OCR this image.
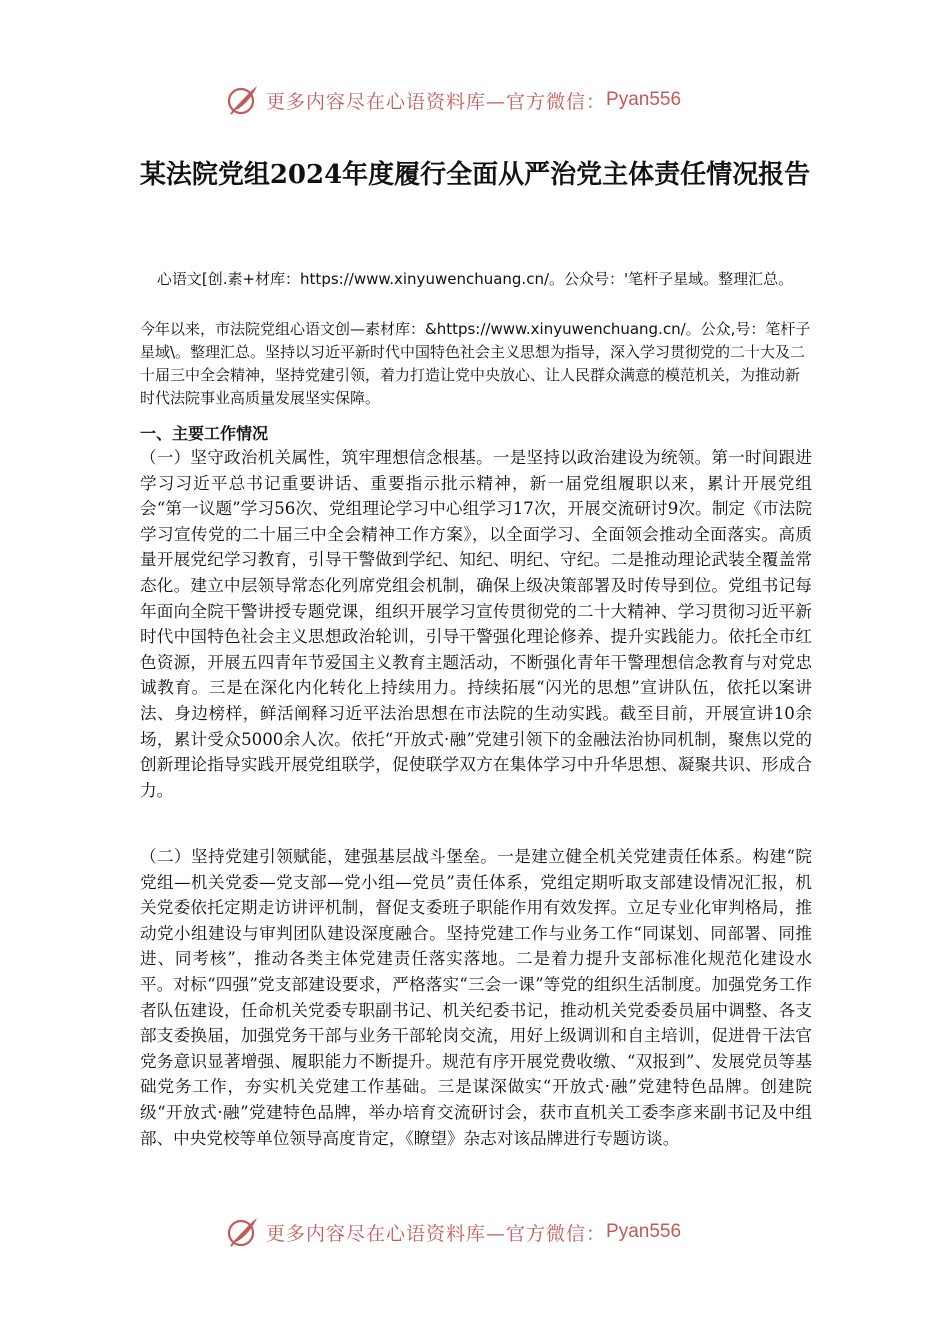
更多内容尽在心语资料库—官方微信： Pyan556
某法院党组2024年度履行全面从严治党主体责任情况报告
心语文[创.素+材库：https://www.xinyuwenchuang.cn/。公众号：'笔杆子星域。整理汇总。
今年以来，市法院党组心语文创—素材库：&https://www.xinyuwenchuang.cn/。公众,号：笔杆子星域\。整理汇总。坚持以习近平新时代中国特色社会主义思想为指导，深入学习贯彻党的二十大及二十届三中全会精神，坚持党建引领，着力打造让党中央放心、让人民群众满意的模范机关，为推动新时代法院事业高质量发展坚实保障。
一、主要工作情况
（一）坚守政治机关属性，筑牢理想信念根基。一是坚持以政治建设为统领。第一时间跟进学习习近平总书记重要讲话、重要指示批示精神，新一届党组履职以来，累计开展党组会“第一议题”学习56次、党组理论学习中心组学习17次，开展交流研讨9次。制定《市法院学习宣传党的二十届三中全会精神工作方案》，以全面学习、全面领会推动全面落实。高质量开展党纪学习教育，引导干警做到学纪、知纪、明纪、守纪。二是推动理论武装全覆盖常态化。建立中层领导常态化列席党组会机制，确保上级决策部署及时传导到位。党组书记每年面向全院干警讲授专题党课，组织开展学习宣传贯彻党的二十大精神、学习贯彻习近平新时代中国特色社会主义思想政治轮训，引导干警强化理论修养、提升实践能力。依托全市红色资源，开展五四青年节爱国主义教育主题活动，不断强化青年干警理想信念教育与对党忠诚教育。三是在深化内化转化上持续用力。持续拓展“闪光的思想”宣讲队伍，依托以案讲法、身边榜样，鲜活阐释习近平法治思想在市法院的生动实践。截至目前，开展宣讲10余场，累计受众5000余人次。依托“开放式·融”党建引领下的金融法治协同机制，聚焦以党的创新理论指导实践开展党组联学，促使联学双方在集体学习中升华思想、凝聚共识、形成合力。
（二）坚持党建引领赋能，建强基层战斗堡垒。一是建立健全机关党建责任体系。构建“院党组—机关党委—党支部—党小组—党员”责任体系，党组定期听取支部建设情况汇报，机关党委依托定期走访讲评机制，督促支委班子职能作用有效发挥。立足专业化审判格局，推动党小组建设与审判团队建设深度融合。坚持党建工作与业务工作“同谋划、同部署、同推进、同考核”，推动各类主体党建责任落实落地。二是着力提升支部标准化规范化建设水平。对标“四强”党支部建设要求，严格落实“三会一课”等党的组织生活制度。加强党务工作者队伍建设，任命机关党委专职副书记、机关纪委书记，推动机关党委委员届中调整、各支部支委换届，加强党务干部与业务干部轮岗交流，用好上级调训和自主培训，促进骨干法官党务意识显著增强、履职能力不断提升。规范有序开展党费收缴、“双报到”、发展党员等基础党务工作，夯实机关党建工作基础。三是谋深做实“开放式·融”党建特色品牌。创建院级“开放式·融”党建特色品牌，举办培育交流研讨会，获市直机关工委李彦来副书记及中组部、中央党校等单位领导高度肯定，《瞭望》杂志对该品牌进行专题访谈。
更多内容尽在心语资料库—官方微信： Pyan556
